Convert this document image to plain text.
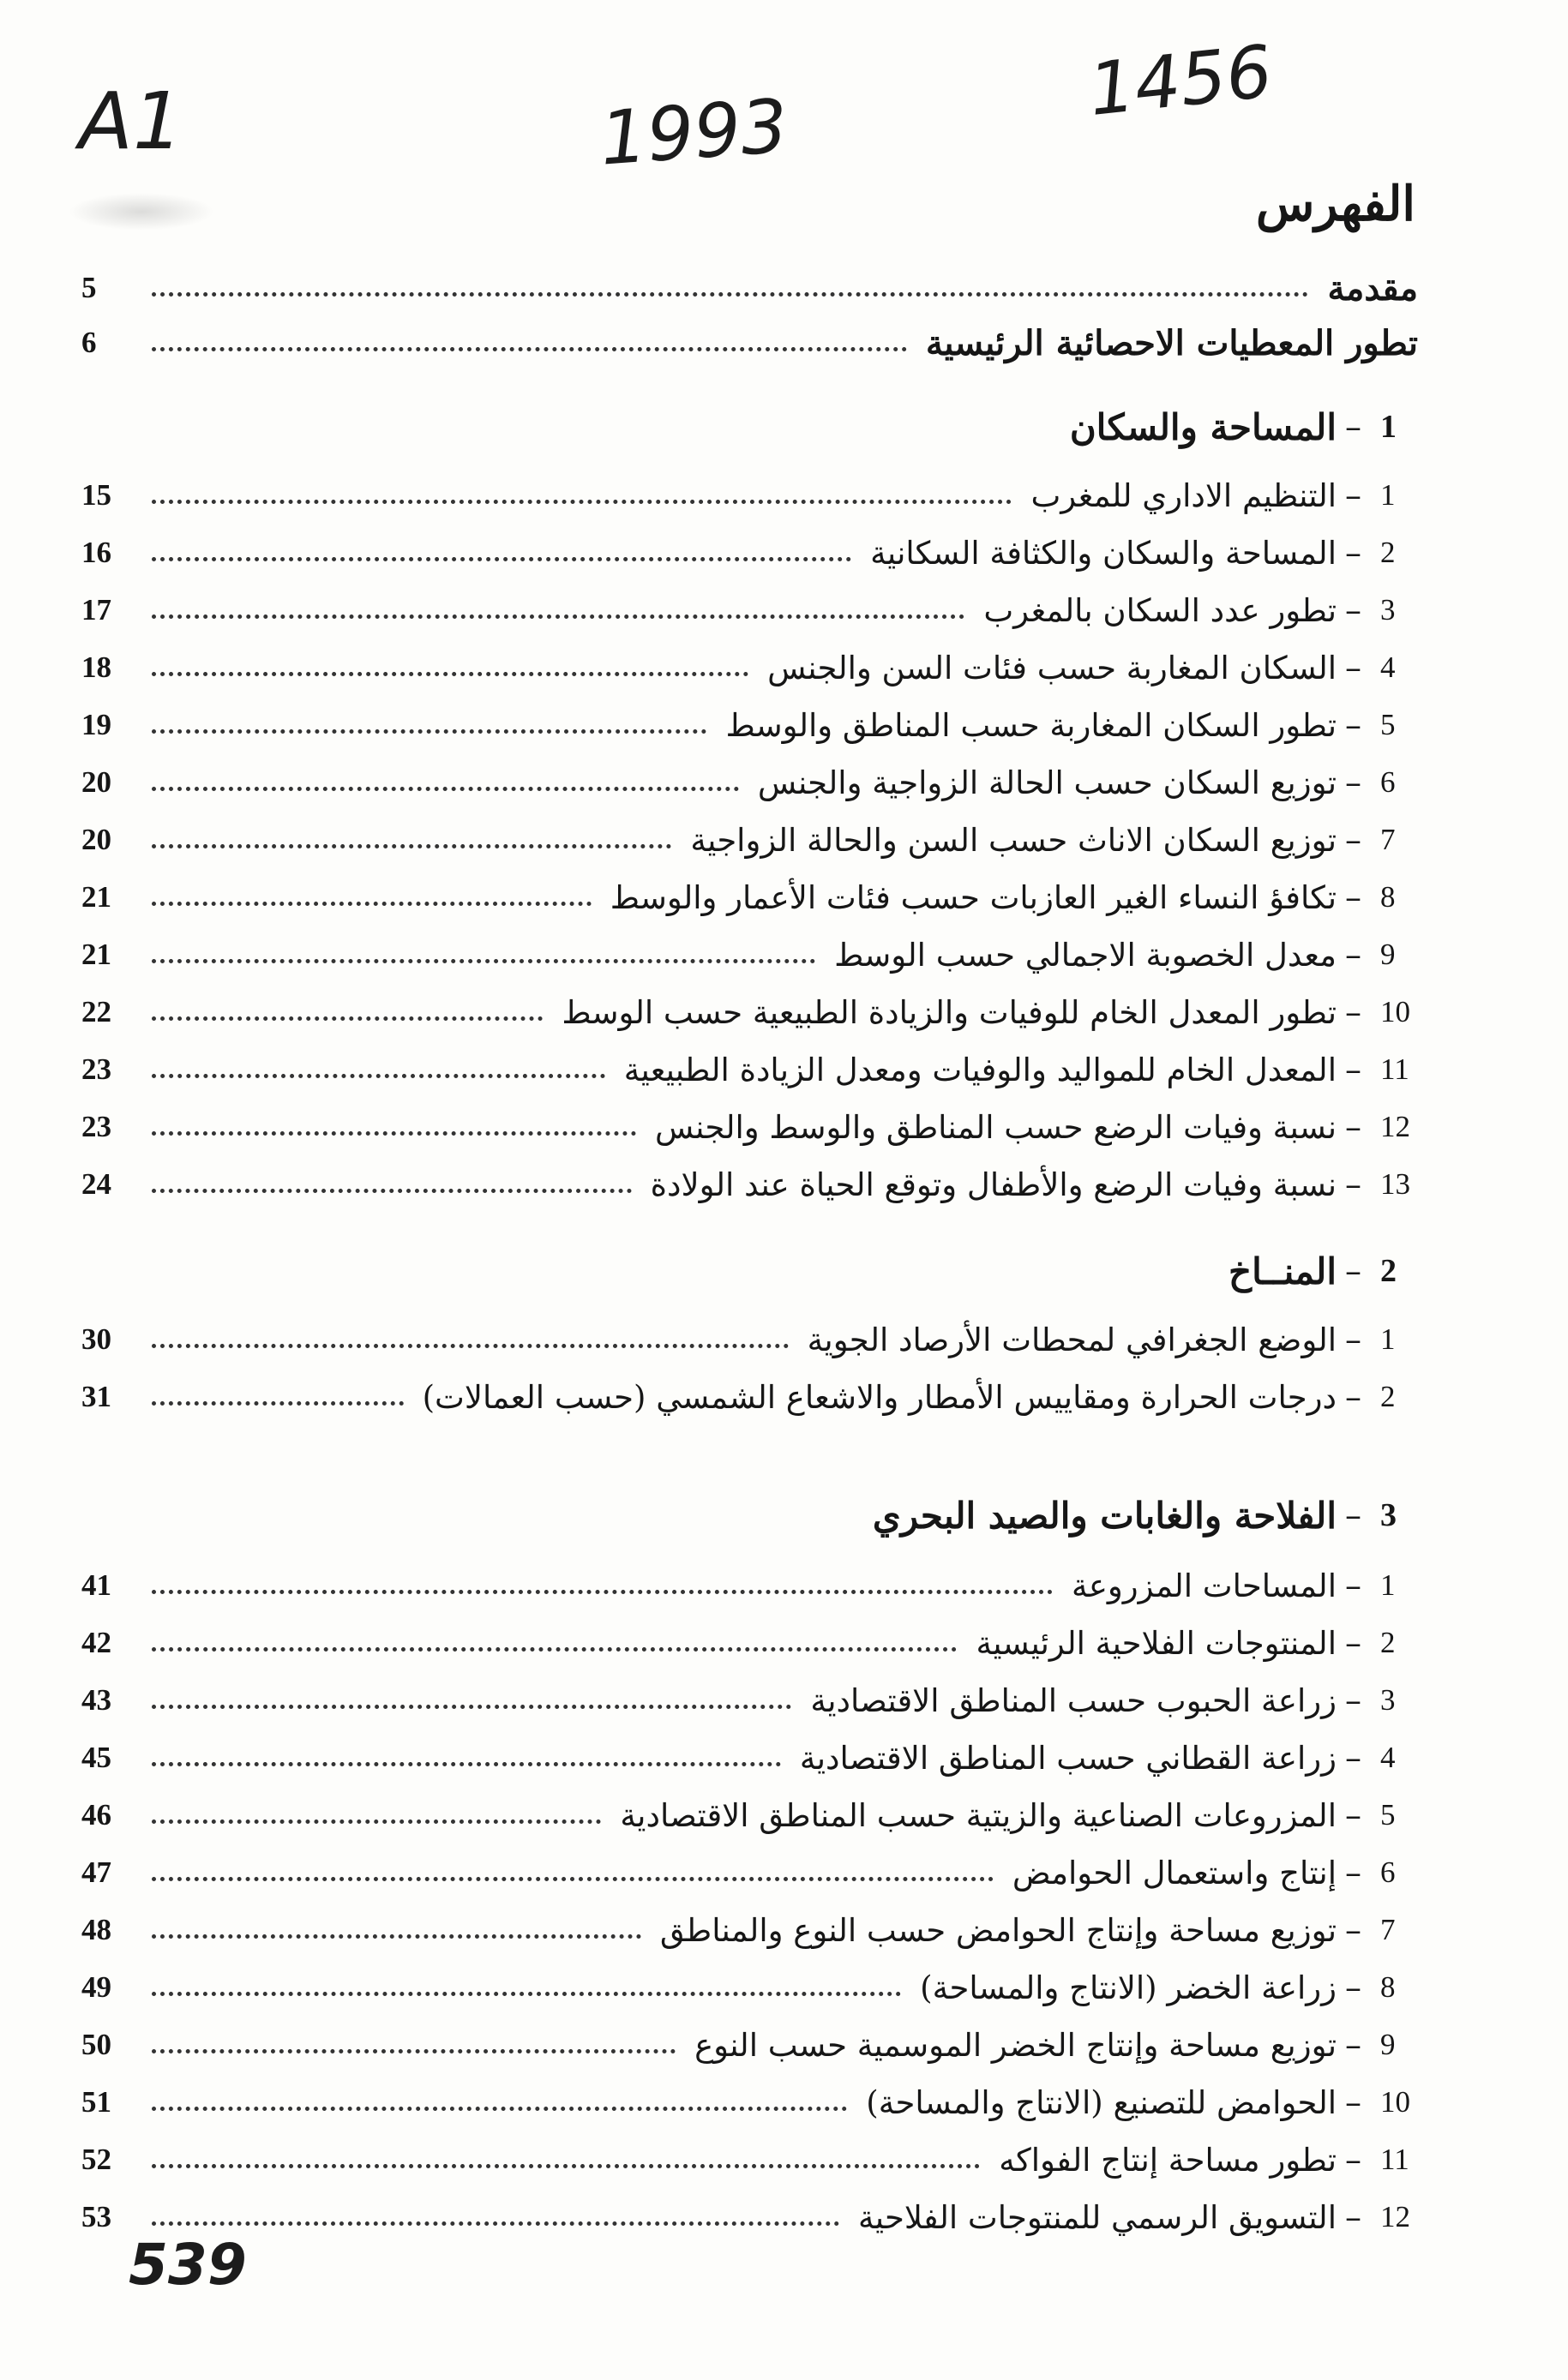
A1	1993
1456
الفهرس
مقدمة
5
تطور المعطيات الاحصائية الرئيسية
6
1
–
المساحة والسكان
1
–
التنظيم الاداري للمغرب
15
2
–
المساحة والسكان والكثافة السكانية
16
3
–
تطور عدد السكان بالمغرب
17
4
–
السكان المغاربة حسب فئات السن والجنس
18
5
–
تطور السكان المغاربة حسب المناطق والوسط
19
6
–
توزيع السكان حسب الحالة الزواجية والجنس
20
7
–
توزيع السكان الاناث حسب السن والحالة الزواجية
20
8
–
تكافؤ النساء الغير العازبات حسب فئات الأعمار والوسط
21
9
–
معدل الخصوبة الاجمالي حسب الوسط
21
10
–
تطور المعدل الخام للوفيات والزيادة الطبيعية حسب الوسط
22
11
–
المعدل الخام للمواليد والوفيات ومعدل الزيادة الطبيعية
23
12
–
نسبة وفيات الرضع حسب المناطق والوسط والجنس
23
13
–
نسبة وفيات الرضع والأطفال وتوقع الحياة عند الولادة
24
2
–
المنــاخ
1
–
الوضع الجغرافي لمحطات الأرصاد الجوية
30
2
–
درجات الحرارة ومقاييس الأمطار والاشعاع الشمسي (حسب العمالات)
31
3
–
الفلاحة والغابات والصيد البحري
1
–
المساحات المزروعة
41
2
–
المنتوجات الفلاحية الرئيسية
42
3
–
زراعة الحبوب حسب المناطق الاقتصادية
43
4
–
زراعة القطاني حسب المناطق الاقتصادية
45
5
–
المزروعات الصناعية والزيتية حسب المناطق الاقتصادية
46
6
–
إنتاج واستعمال الحوامض
47
7
–
توزيع مساحة وإنتاج الحوامض حسب النوع والمناطق
48
8
–
زراعة الخضر (الانتاج والمساحة)
49
9
–
توزيع مساحة وإنتاج الخضر الموسمية حسب النوع
50
10
–
الحوامض للتصنيع (الانتاج والمساحة)
51
11
–
تطور مساحة إنتاج الفواكه
52
12
–
التسويق الرسمي للمنتوجات الفلاحية
53
539
